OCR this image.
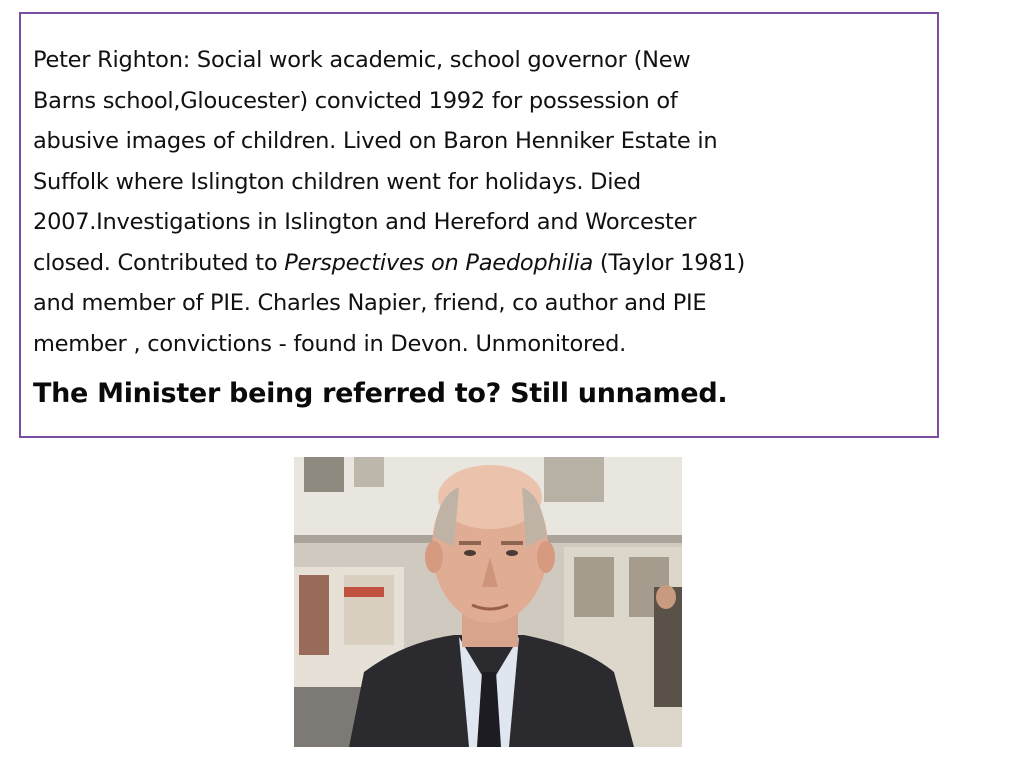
Peter Righton: Social work academic, school governor (New
Barns school,Gloucester) convicted 1992 for possession of
abusive images of children. Lived on Baron Henniker Estate in
Suffolk where Islington children went for holidays. Died
2007.Investigations in Islington and Hereford and Worcester
closed. Contributed to Perspectives on Paedophilia (Taylor 1981)
and member of PIE. Charles Napier, friend, co author and PIE
member , convictions - found in Devon. Unmonitored.
The Minister being referred to? Still unnamed.
